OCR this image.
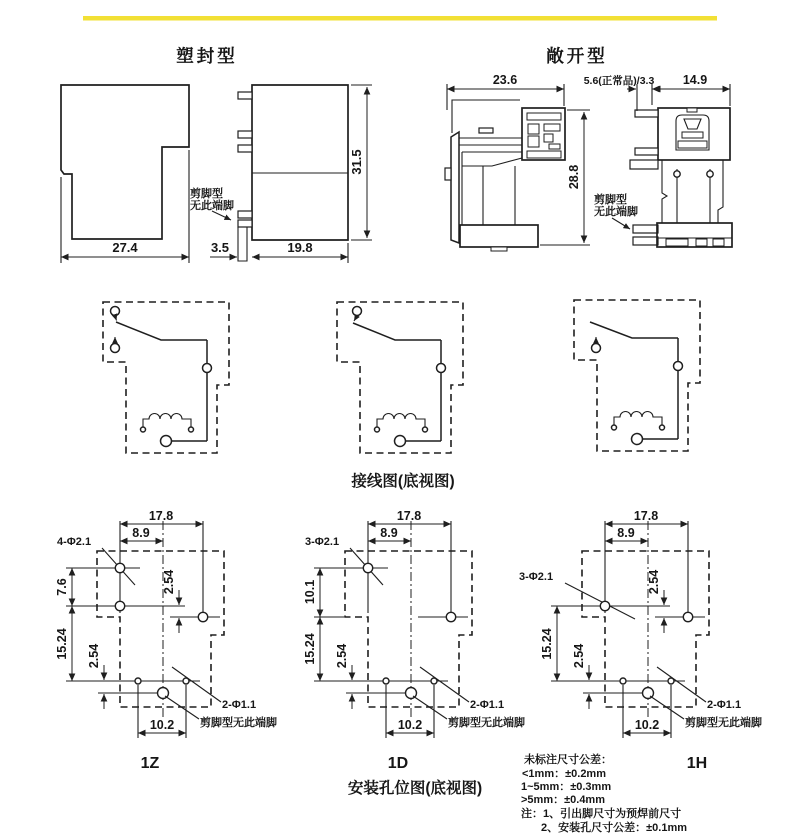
塑封型	敞开型
剪脚型
无此端脚
27.4	3.5	19.8
31.5
23.6
28.8
5.6(正常品)/3.3 14.9
剪脚型
无此端脚
接线图(底视图)
17.8
8.9
4-Φ2.1
7.6
15.24
2.54
2.54
10.2
2-Φ1.1
剪脚型无此端脚
1Z
17.8
8.9
3-Φ2.1
10.1
15.24 2.54
10.2
2-Φ1.1
剪脚型无此端脚
1D
17.8
8.9
3-Φ2.1
15.24
2.54
2.54
10.2
2-Φ1.1
剪脚型无此端脚
1H
安装孔位图(底视图)
未标注尺寸公差：
<1mm：±0.2mm
1~5mm：±0.3mm
>5mm：±0.4mm
注：1、引出脚尺寸为预焊前尺寸
2、安装孔尺寸公差：±0.1mm
